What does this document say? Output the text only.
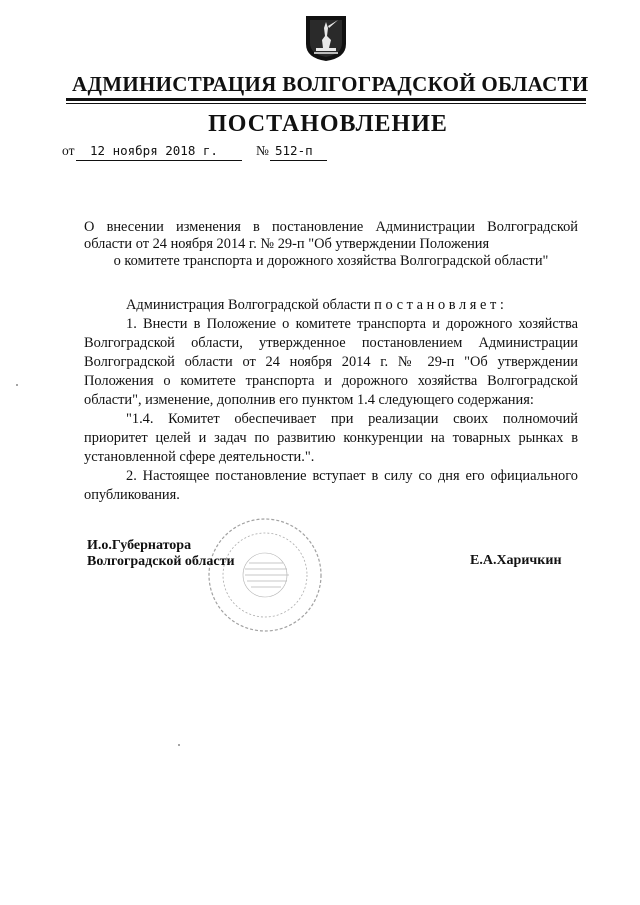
АДМИНИСТРАЦИЯ ВОЛГОГРАДСКОЙ ОБЛАСТИ
ПОСТАНОВЛЕНИЕ
от 12 ноября 2018 г.	№ 512-п
О внесении изменения в постановление Администрации Волгоградской области от 24 ноября 2014 г. № 29-п "Об утверждении Положения
о комитете транспорта и дорожного хозяйства Волгоградской области"

Администрация Волгоградской области постановляет:

1. Внести в Положение о комитете транспорта и дорожного хозяйства Волгоградской области, утвержденное постановлением Администрации Волгоградской области от 24 ноября 2014 г. № 29-п "Об утверждении Положения о комитете транспорта и дорожного хозяйства Волгоградской области", изменение, дополнив его пунктом 1.4 следующего содержания:

"1.4. Комитет обеспечивает при реализации своих полномочий приоритет целей и задач по развитию конкуренции на товарных рынках в установленной сфере деятельности.".

2. Настоящее постановление вступает в силу со дня его официального опубликования.

И.о.Губернатора
Волгоградской области	Е.А.Харичкин
